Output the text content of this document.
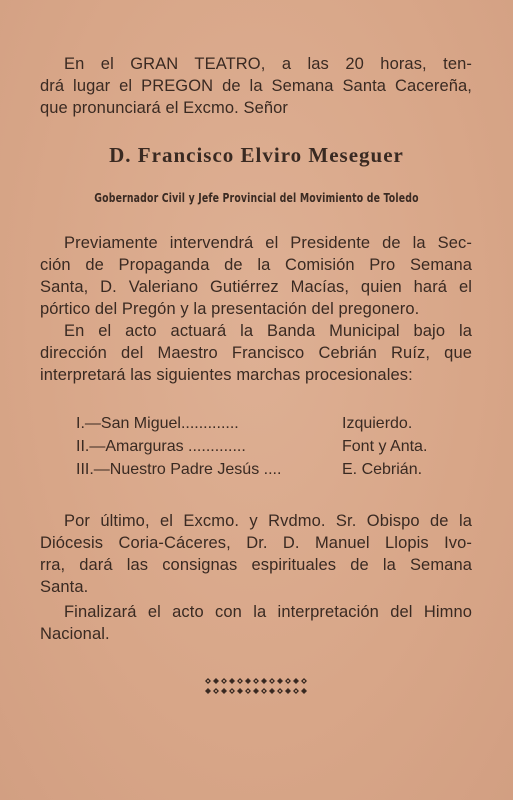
En el GRAN TEATRO, a las 20 horas, ten-
drá lugar el PREGON de la Semana Santa Cacereña,
que pronunciará el Excmo. Señor
D. Francisco Elviro Meseguer
Gobernador Civil y Jefe Provincial del Movimiento de Toledo
Previamente intervendrá el Presidente de la Sec-
ción de Propaganda de la Comisión Pro Semana
Santa, D. Valeriano Gutiérrez Macías, quien hará el
pórtico del Pregón y la presentación del pregonero.
En el acto actuará la Banda Municipal bajo la
dirección del Maestro Francisco Cebrián Ruíz, que
interpretará las siguientes marchas procesionales:
I.—San Miguel.............	Izquierdo.
II.—Amarguras .............	Font y Anta.
III.—Nuestro Padre Jesús ....	E. Cebrián.
Por último, el Excmo. y Rvdmo. Sr. Obispo de la
Diócesis Coria-Cáceres, Dr. D. Manuel Llopis Ivo-
rra, dará las consignas espirituales de la Semana
Santa.
Finalizará el acto con la interpretación del Himno
Nacional.
